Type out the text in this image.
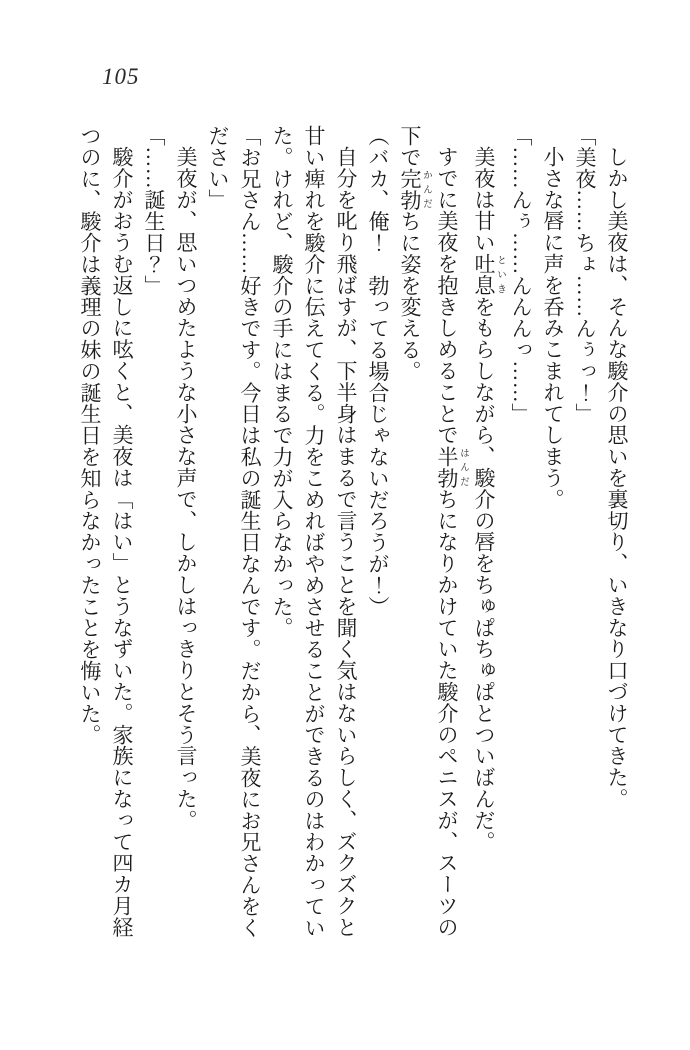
105

しかし美夜は、そんな駿介の思いを裏切り、いきなり口づけてきた。

「美夜……ちょ……んぅっ！」

小さな唇に声を呑みこまれてしまう。

「……んぅ……んんんっ……」

美夜は甘い吐息 といきをもらしながら、駿介の唇をちゅぱちゅぱとついばんだ。

すでに美夜を抱きしめることで半勃 はんだちになりかけていた駿介のペニスが、スーツの

下で完勃 かんだちに姿を変える。

（バカ、俺！　勃ってる場合じゃないだろうが！）

自分を叱り飛ばすが、下半身はまるで言うことを聞く気はないらしく、ズクズクと

甘い痺れを駿介に伝えてくる。力をこめればやめさせることができるのはわかってい

た。けれど、駿介の手にはまるで力が入らなかった。

「お兄さん……好きです。今日は私の誕生日なんです。だから、美夜にお兄さんをく

ださい」

美夜が、思いつめたような小さな声で、しかしはっきりとそう言った。

「……誕生日？」

駿介がおうむ返しに呟くと、美夜は「はい」とうなずいた。家族になって四カ月経

つのに、駿介は義理の妹の誕生日を知らなかったことを悔いた。
